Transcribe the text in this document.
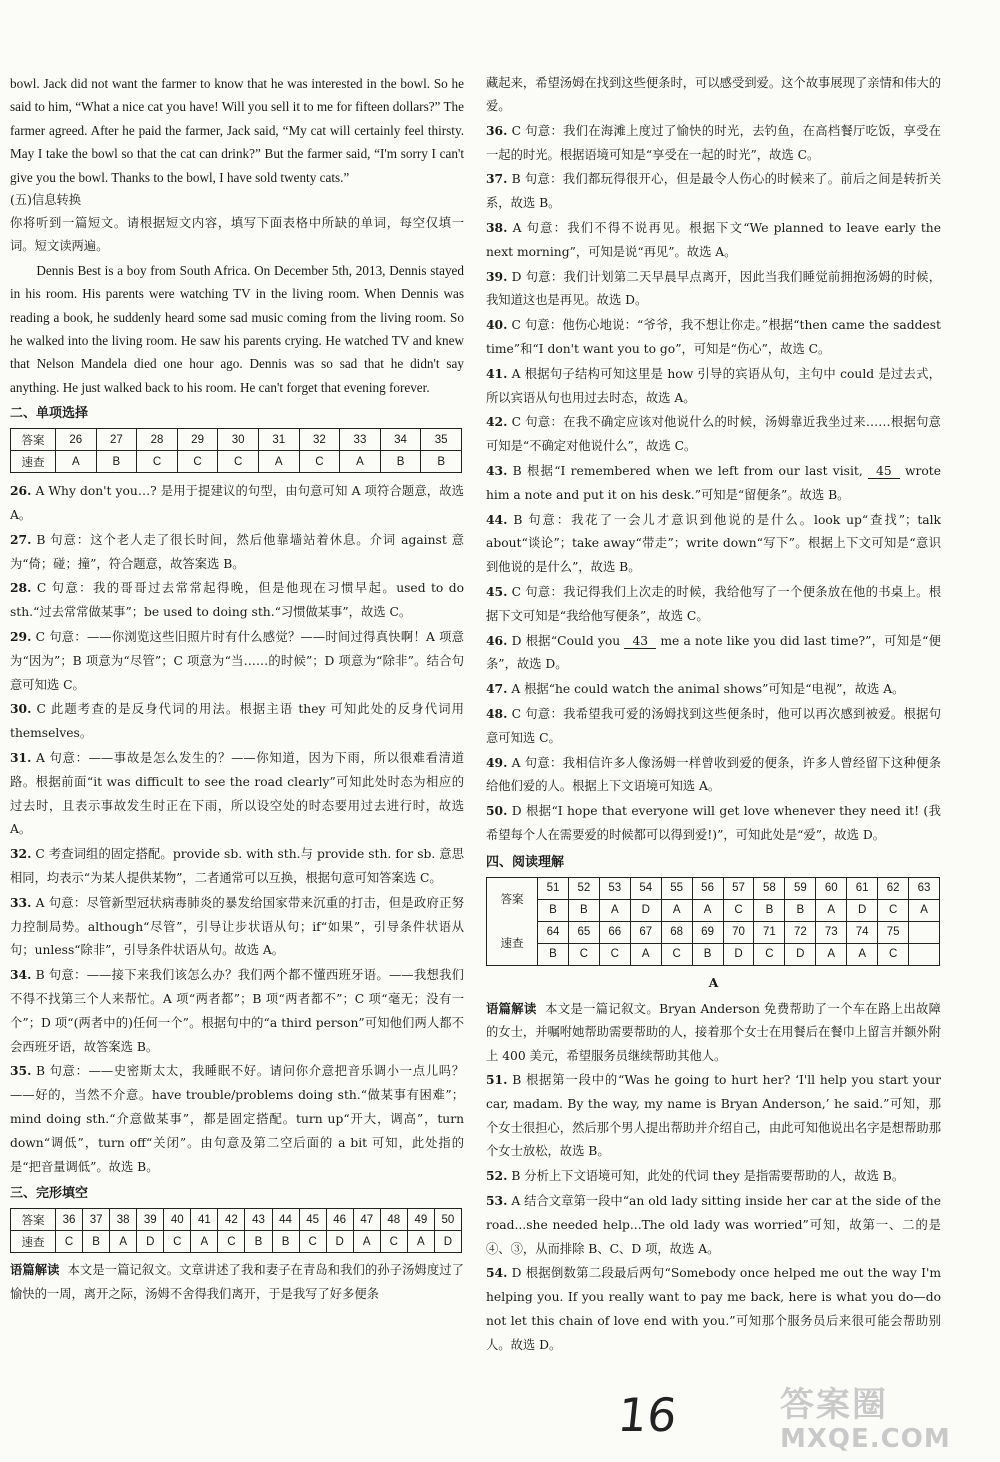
bowl. Jack did not want the farmer to know that he was interested in the bowl. So he said to him, “What a nice cat you have! Will you sell it to me for fifteen dollars?” The farmer agreed. After he paid the farmer, Jack said, “My cat will certainly feel thirsty. May I take the bowl so that the cat can drink?” But the farmer said, “I'm sorry I can't give you the bowl. Thanks to the bowl, I have sold twenty cats.”

(五)信息转换

你将听到一篇短文。请根据短文内容，填写下面表格中所缺的单词，每空仅填一词。短文读两遍。

Dennis Best is a boy from South Africa. On December 5th, 2013, Dennis stayed in his room. His parents were watching TV in the living room. When Dennis was reading a book, he suddenly heard some sad music coming from the living room. So he walked into the living room. He saw his parents crying. He watched TV and knew that Nelson Mandela died one hour ago. Dennis was so sad that he didn't say anything. He just walked back to his room. He can't forget that evening forever.

二、单项选择

答案	26	27	28	29	30	31	32	33	34	35
速查	A	B	C	C	C	A	C	A	B	B

26. A Why don't you…? 是用于提建议的句型，由句意可知 A 项符合题意，故选 A。

27. B 句意：这个老人走了很长时间，然后他靠墙站着休息。介词 against 意为“倚；碰；撞”，符合题意，故答案选 B。

28. C 句意：我的哥哥过去常常起得晚，但是他现在习惯早起。used to do sth.“过去常常做某事”；be used to doing sth.“习惯做某事”，故选 C。

29. C 句意：——你浏览这些旧照片时有什么感觉？——时间过得真快啊！A 项意为“因为”；B 项意为“尽管”；C 项意为“当……的时候”；D 项意为“除非”。结合句意可知选 C。

30. C 此题考查的是反身代词的用法。根据主语 they 可知此处的反身代词用 themselves。

31. A 句意：——事故是怎么发生的？——你知道，因为下雨，所以很难看清道路。根据前面“it was difficult to see the road clearly”可知此处时态为相应的过去时，且表示事故发生时正在下雨，所以设空处的时态要用过去进行时，故选 A。

32. C 考查词组的固定搭配。provide sb. with sth.与 provide sth. for sb. 意思相同，均表示“为某人提供某物”，二者通常可以互换，根据句意可知答案选 C。

33. A 句意：尽管新型冠状病毒肺炎的暴发给国家带来沉重的打击，但是政府正努力控制局势。although“尽管”，引导让步状语从句；if“如果”，引导条件状语从句；unless“除非”，引导条件状语从句。故选 A。

34. B 句意：——接下来我们该怎么办？我们两个都不懂西班牙语。——我想我们不得不找第三个人来帮忙。A 项“两者都”；B 项“两者都不”；C 项“毫无；没有一个”；D 项“(两者中的)任何一个”。根据句中的“a third person”可知他们两人都不会西班牙语，故答案选 B。

35. B 句意：——史密斯太太，我睡眠不好。请问你介意把音乐调小一点儿吗？——好的，当然不介意。have trouble/problems doing sth.“做某事有困难”；mind doing sth.“介意做某事”，都是固定搭配。turn up“开大，调高”，turn down“调低”，turn off“关闭”。由句意及第二空后面的 a bit 可知，此处指的是“把音量调低”。故选 B。

三、完形填空

答案	36	37	38	39	40	41	42	43	44	45	46	47	48	49	50
速查	C	B	A	D	C	A	C	B	B	C	D	A	C	A	D

语篇解读 本文是一篇记叙文。文章讲述了我和妻子在青岛和我们的孙子汤姆度过了愉快的一周，离开之际，汤姆不舍得我们离开，于是我写了好多便条

藏起来，希望汤姆在找到这些便条时，可以感受到爱。这个故事展现了亲情和伟大的爱。

36. C 句意：我们在海滩上度过了愉快的时光，去钓鱼，在高档餐厅吃饭，享受在一起的时光。根据语境可知是“享受在一起的时光”，故选 C。

37. B 句意：我们都玩得很开心，但是最令人伤心的时候来了。前后之间是转折关系，故选 B。

38. A 句意：我们不得不说再见。根据下文“We planned to leave early the next morning”，可知是说“再见”。故选 A。

39. D 句意：我们计划第二天早晨早点离开，因此当我们睡觉前拥抱汤姆的时候，我知道这也是再见。故选 D。

40. C 句意：他伤心地说：“爷爷，我不想让你走。”根据“then came the saddest time”和“I don't want you to go”，可知是“伤心”，故选 C。

41. A 根据句子结构可知这里是 how 引导的宾语从句，主句中 could 是过去式，所以宾语从句也用过去时态，故选 A。

42. C 句意：在我不确定应该对他说什么的时候，汤姆靠近我坐过来……根据句意可知是“不确定对他说什么”，故选 C。

43. B 根据“I remembered when we left from our last visit, 45 wrote him a note and put it on his desk.”可知是“留便条”。故选 B。

44. B 句意：我花了一会儿才意识到他说的是什么。look up“查找”；talk about“谈论”；take away“带走”；write down“写下”。根据上下文可知是“意识到他说的是什么”，故选 B。

45. C 句意：我记得我们上次走的时候，我给他写了一个便条放在他的书桌上。根据下文可知是“我给他写便条”，故选 C。

46. D 根据“Could you 43 me a note like you did last time?”，可知是“便条”，故选 D。

47. A 根据“he could watch the animal shows”可知是“电视”，故选 A。

48. C 句意：我希望我可爱的汤姆找到这些便条时，他可以再次感到被爱。根据句意可知选 C。

49. A 句意：我相信许多人像汤姆一样曾收到爱的便条，许多人曾经留下这种便条给他们爱的人。根据上下文语境可知选 A。

50. D 根据“I hope that everyone will get love whenever they need it! (我希望每个人在需要爱的时候都可以得到爱!)”，可知此处是“爱”，故选 D。

四、阅读理解

答案	51	52	53	54	55	56	57	58	59	60	61	62	63
	B	B	A	D	A	A	C	B	B	A	D	C	A
速查	64	65	66	67	68	69	70	71	72	73	74	75	
	B	C	C	A	C	B	D	C	D	A	A	C	

A

语篇解读 本文是一篇记叙文。Bryan Anderson 免费帮助了一个车在路上出故障的女士，并嘱咐她帮助需要帮助的人，接着那个女士在用餐后在餐巾上留言并额外附上 400 美元，希望服务员继续帮助其他人。

51. B 根据第一段中的“Was he going to hurt her? ‘I'll help you start your car, madam. By the way, my name is Bryan Anderson,’ he said.”可知，那个女士很担心，然后那个男人提出帮助并介绍自己，由此可知他说出名字是想帮助那个女士放松，故选 B。

52. B 分析上下文语境可知，此处的代词 they 是指需要帮助的人，故选 B。

53. A 结合文章第一段中“an old lady sitting inside her car at the side of the road...she needed help...The old lady was worried”可知，故第一、二的是④、③，从而排除 B、C、D 项，故选 A。

54. D 根据倒数第二段最后两句“Somebody once helped me out the way I'm helping you. If you really want to pay me back, here is what you do—do not let this chain of love end with you.”可知那个服务员后来很可能会帮助别人。故选 D。

16	答案圈
MXQE.COM
